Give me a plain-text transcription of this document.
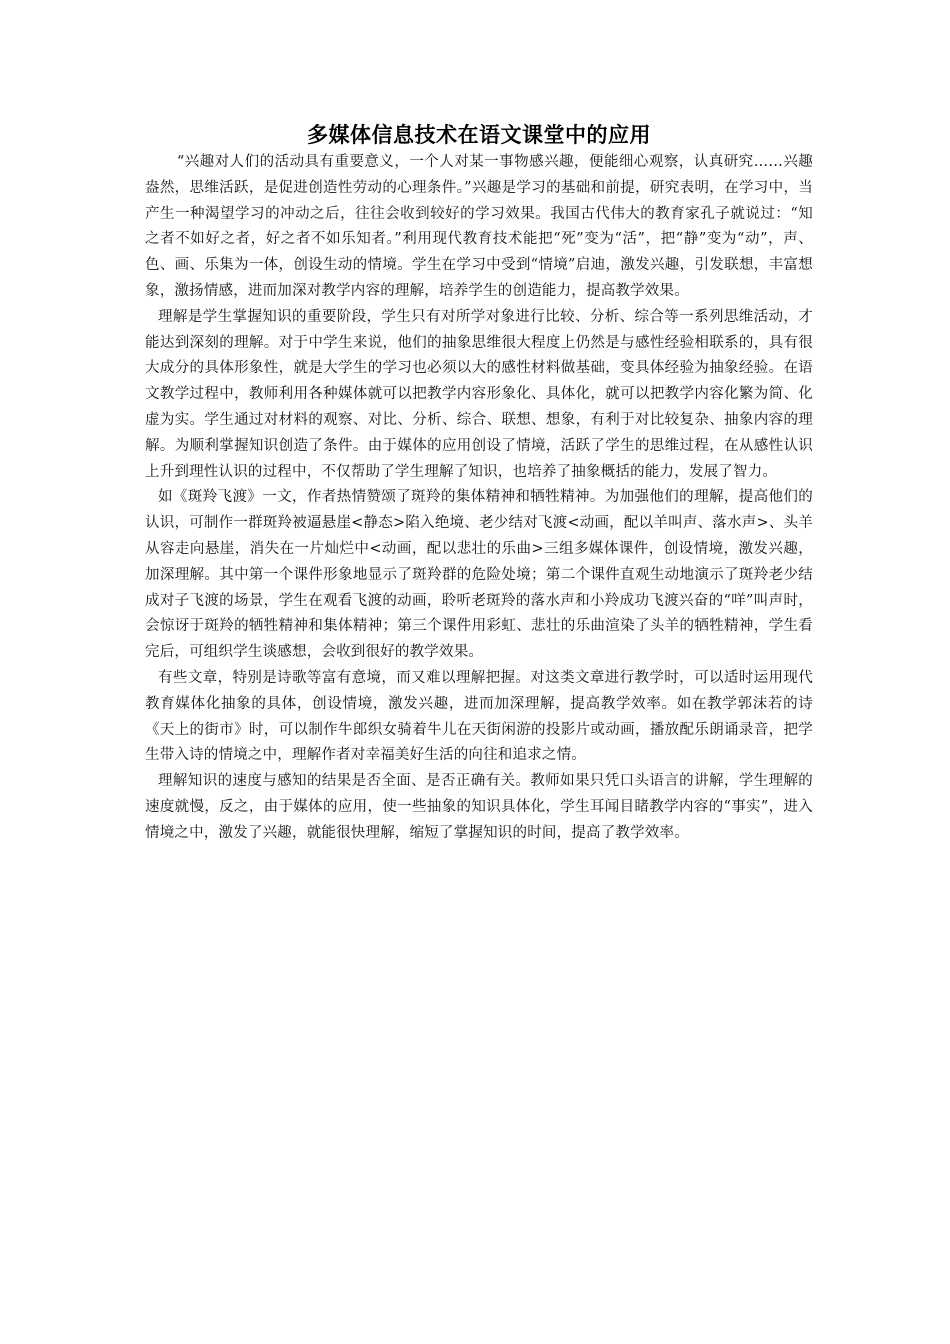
多媒体信息技术在语文课堂中的应用

“兴趣对人们的活动具有重要意义，一个人对某一事物感兴趣，便能细心观察，认真研究……兴趣盎然，思维活跃，是促进创造性劳动的心理条件。”兴趣是学习的基础和前提，研究表明，在学习中，当产生一种渴望学习的冲动之后，往往会收到较好的学习效果。我国古代伟大的教育家孔子就说过：“知之者不如好之者，好之者不如乐知者。”利用现代教育技术能把“死”变为“活”，把“静”变为“动”，声、色、画、乐集为一体，创设生动的情境。学生在学习中受到“情境”启迪，激发兴趣，引发联想，丰富想象，激扬情感，进而加深对教学内容的理解，培养学生的创造能力，提高教学效果。

理解是学生掌握知识的重要阶段，学生只有对所学对象进行比较、分析、综合等一系列思维活动，才能达到深刻的理解。对于中学生来说，他们的抽象思维很大程度上仍然是与感性经验相联系的，具有很大成分的具体形象性，就是大学生的学习也必须以大的感性材料做基础，变具体经验为抽象经验。在语文教学过程中，教师利用各种媒体就可以把教学内容形象化、具体化，就可以把教学内容化繁为简、化虚为实。学生通过对材料的观察、对比、分析、综合、联想、想象，有利于对比较复杂、抽象内容的理解。为顺利掌握知识创造了条件。由于媒体的应用创设了情境，活跃了学生的思维过程，在从感性认识上升到理性认识的过程中，不仅帮助了学生理解了知识，也培养了抽象概括的能力，发展了智力。

如《斑羚飞渡》一文，作者热情赞颂了斑羚的集体精神和牺牲精神。为加强他们的理解，提高他们的认识，可制作一群斑羚被逼悬崖<静态>陷入绝境、老少结对飞渡<动画，配以羊叫声、落水声>、头羊从容走向悬崖，消失在一片灿烂中<动画，配以悲壮的乐曲>三组多媒体课件，创设情境，激发兴趣，加深理解。其中第一个课件形象地显示了斑羚群的危险处境；第二个课件直观生动地演示了斑羚老少结成对子飞渡的场景，学生在观看飞渡的动画，聆听老斑羚的落水声和小羚成功飞渡兴奋的“咩”叫声时，会惊讶于斑羚的牺牲精神和集体精神；第三个课件用彩虹、悲壮的乐曲渲染了头羊的牺牲精神，学生看完后，可组织学生谈感想，会收到很好的教学效果。

有些文章，特别是诗歌等富有意境，而又难以理解把握。对这类文章进行教学时，可以适时运用现代教育媒体化抽象的具体，创设情境，激发兴趣，进而加深理解，提高教学效率。如在教学郭沫若的诗《天上的街市》时，可以制作牛郎织女骑着牛儿在天街闲游的投影片或动画，播放配乐朗诵录音，把学生带入诗的情境之中，理解作者对幸福美好生活的向往和追求之情。

理解知识的速度与感知的结果是否全面、是否正确有关。教师如果只凭口头语言的讲解，学生理解的速度就慢，反之，由于媒体的应用，使一些抽象的知识具体化，学生耳闻目睹教学内容的“事实”，进入情境之中，激发了兴趣，就能很快理解，缩短了掌握知识的时间，提高了教学效率。
